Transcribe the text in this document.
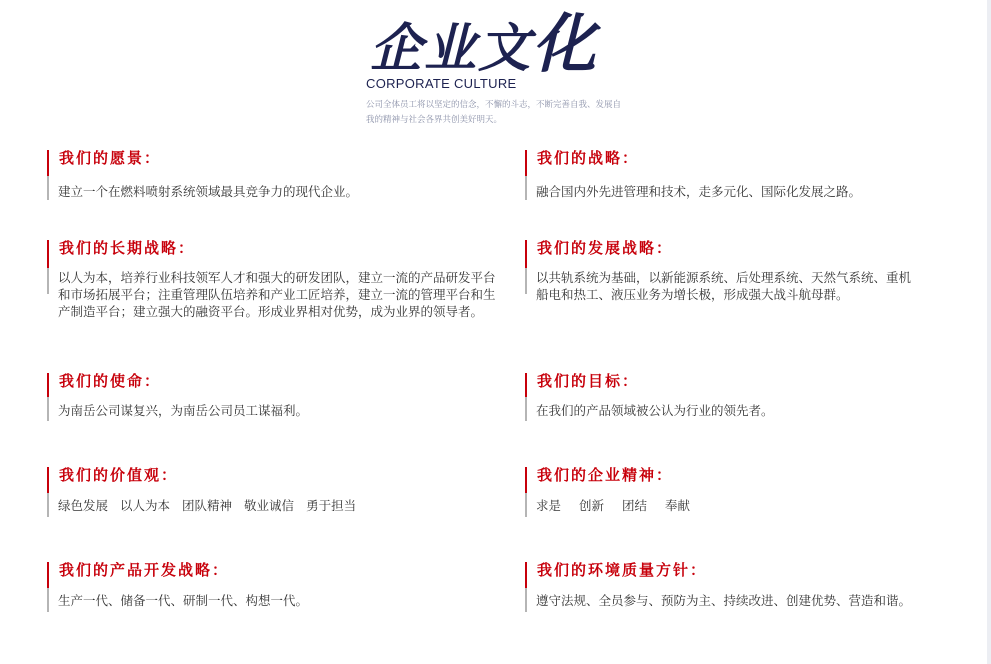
企业文化
CORPORATE CULTURE
公司全体员工将以坚定的信念，不懈的斗志，不断完善自我、发展自我的精神与社会各界共创美好明天。
我们的愿景：

建立一个在燃料喷射系统领域最具竞争力的现代企业。

我们的战略：

融合国内外先进管理和技术，走多元化、国际化发展之路。

我们的长期战略：

以人为本，培养行业科技领军人才和强大的研发团队，建立一流的产品研发平台和市场拓展平台；注重管理队伍培养和产业工匠培养，建立一流的管理平台和生产制造平台；建立强大的融资平台。形成业界相对优势，成为业界的领导者。

我们的发展战略：

以共轨系统为基础，以新能源系统、后处理系统、天然气系统、重机船电和热工、液压业务为增长极，形成强大战斗航母群。

我们的使命：

为南岳公司谋复兴，为南岳公司员工谋福利。

我们的目标：

在我们的产品领域被公认为行业的领先者。

我们的价值观：

绿色发展 以人为本 团队精神 敬业诚信 勇于担当

我们的企业精神：

求是 创新 团结 奉献

我们的产品开发战略：

生产一代、储备一代、研制一代、构想一代。

我们的环境质量方针：

遵守法规、全员参与、预防为主、持续改进、创建优势、营造和谐。
